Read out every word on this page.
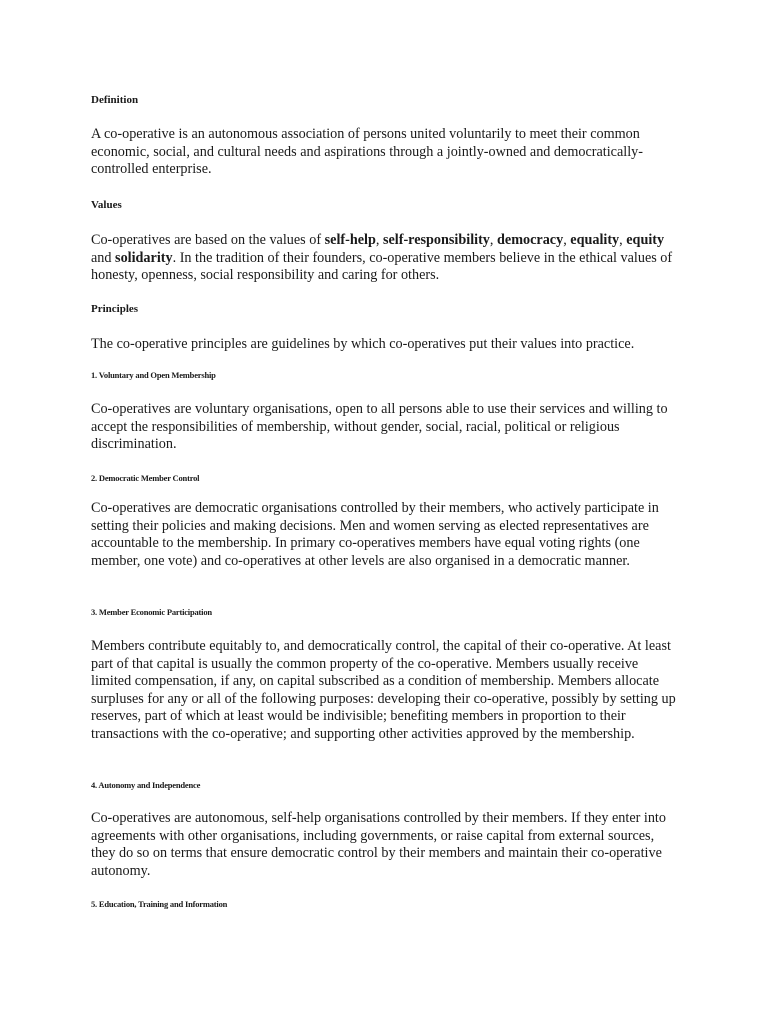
Definition

A co-operative is an autonomous association of persons united voluntarily to meet their common economic, social, and cultural needs and aspirations through a jointly-owned and democratically-controlled enterprise.

Values

Co-operatives are based on the values of self-help, self-responsibility, democracy, equality, equity and solidarity. In the tradition of their founders, co-operative members believe in the ethical values of honesty, openness, social responsibility and caring for others.

Principles

The co-operative principles are guidelines by which co-operatives put their values into practice.

1. Voluntary and Open Membership

Co-operatives are voluntary organisations, open to all persons able to use their services and willing to accept the responsibilities of membership, without gender, social, racial, political or religious discrimination.

2. Democratic Member Control

Co-operatives are democratic organisations controlled by their members, who actively participate in setting their policies and making decisions. Men and women serving as elected representatives are accountable to the membership. In primary co-operatives members have equal voting rights (one member, one vote) and co-operatives at other levels are also organised in a democratic manner.

3. Member Economic Participation

Members contribute equitably to, and democratically control, the capital of their co-operative. At least part of that capital is usually the common property of the co-operative. Members usually receive limited compensation, if any, on capital subscribed as a condition of membership. Members allocate surpluses for any or all of the following purposes: developing their co-operative, possibly by setting up reserves, part of which at least would be indivisible; benefiting members in proportion to their transactions with the co-operative; and supporting other activities approved by the membership.

4. Autonomy and Independence

Co-operatives are autonomous, self-help organisations controlled by their members. If they enter into agreements with other organisations, including governments, or raise capital from external sources, they do so on terms that ensure democratic control by their members and maintain their co-operative autonomy.

5. Education, Training and Information
